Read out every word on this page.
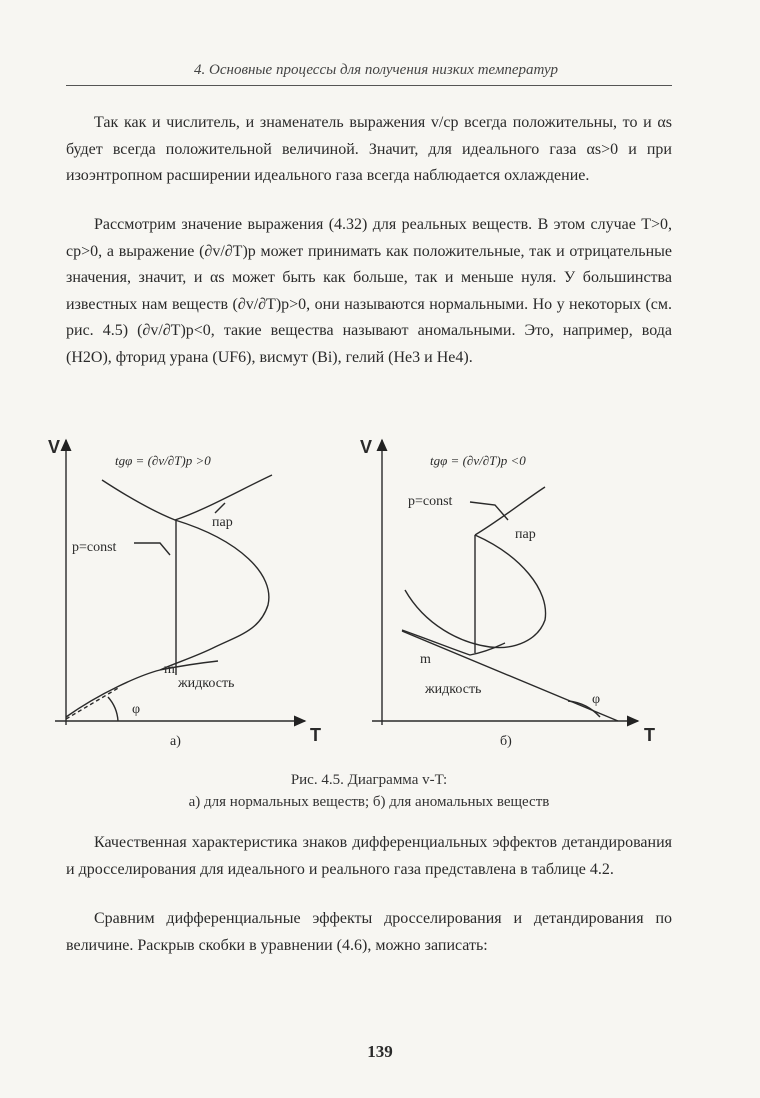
4. Основные процессы для получения низких температур
Так как и числитель, и знаменатель выражения v/cp всегда положительны, то и αs будет всегда положительной величиной. Значит, для идеального газа αs>0 и при изоэнтропном расширении идеального газа всегда наблюдается охлаждение.
Рассмотрим значение выражения (4.32) для реальных веществ. В этом случае T>0, cp>0, а выражение (∂v/∂T)p может принимать как положительные, так и отрицательные значения, значит, и αs может быть как больше, так и меньше нуля. У большинства известных нам веществ (∂v/∂T)p>0, они называются нормальными. Но у некоторых (см. рис. 4.5) (∂v/∂T)p<0, такие вещества называют аномальными. Это, например, вода (H2O), фторид урана (UF6), висмут (Bi), гелий (He3 и He4).
V
T
tgφ = (∂v/∂T)p >0
p=const
пар
m
жидкость
φ
а)
V
T
tgφ = (∂v/∂T)p <0
p=const
пар
m
жидкость
φ
б)
Рис. 4.5. Диаграмма v-T:
а) для нормальных веществ; б) для аномальных веществ
Качественная характеристика знаков дифференциальных эффектов детандирования и дросселирования для идеального и реального газа представлена в таблице 4.2.
Сравним дифференциальные эффекты дросселирования и детандирования по величине. Раскрыв скобки в уравнении (4.6), можно записать:
139
